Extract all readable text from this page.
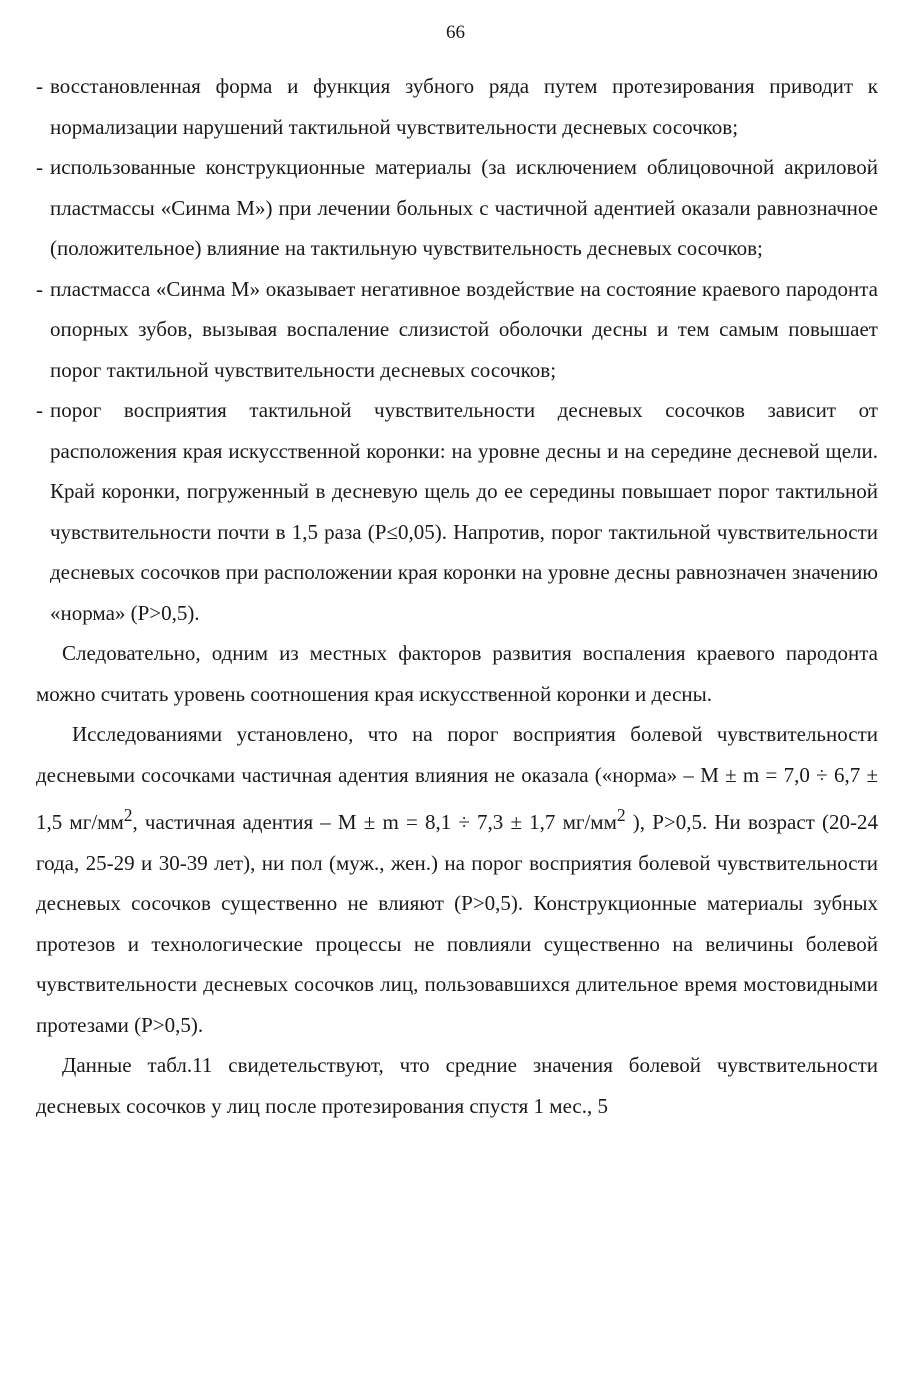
66
- восстановленная форма и функция зубного ряда путем протезирования приводит к нормализации нарушений тактильной чувствительности десневых сосочков;
- использованные конструкционные материалы (за исключением облицовочной акриловой пластмассы «Синма М») при лечении больных с частичной адентией оказали равнозначное (положительное) влияние на тактильную чувствительность десневых сосочков;
- пластмасса «Синма М» оказывает негативное воздействие на состояние краевого пародонта опорных зубов, вызывая воспаление слизистой оболочки десны и тем самым повышает порог тактильной чувствительности десневых сосочков;
- порог восприятия тактильной чувствительности десневых сосочков зависит от расположения края искусственной коронки: на уровне десны и на середине десневой щели. Край коронки, погруженный в десневую щель до ее середины повышает порог тактильной чувствительности почти в 1,5 раза (Р≤0,05). Напротив, порог тактильной чувствительности десневых сосочков при расположении края коронки на уровне десны равнозначен значению «норма» (Р>0,5).

Следовательно, одним из местных факторов развития воспаления краевого пародонта можно считать уровень соотношения края искусственной коронки и десны.

Исследованиями установлено, что на порог восприятия болевой чувствительности десневыми сосочками частичная адентия влияния не оказала («норма» – М ± m = 7,0 ÷ 6,7 ± 1,5 $мг/мм^2$, частичная адентия – М ± m = 8,1 ÷ 7,3 ± 1,7 $мг/мм^2$ ), Р>0,5. Ни возраст (20-24 года, 25-29 и 30-39 лет), ни пол (муж., жен.) на порог восприятия болевой чувствительности десневых сосочков существенно не влияют (Р>0,5). Конструкционные материалы зубных протезов и технологические процессы не повлияли существенно на величины болевой чувствительности десневых сосочков лиц, пользовавшихся длительное время мостовидными протезами (Р>0,5).

Данные табл.11 свидетельствуют, что средние значения болевой чувствительности десневых сосочков у лиц после протезирования спустя 1 мес., 5
